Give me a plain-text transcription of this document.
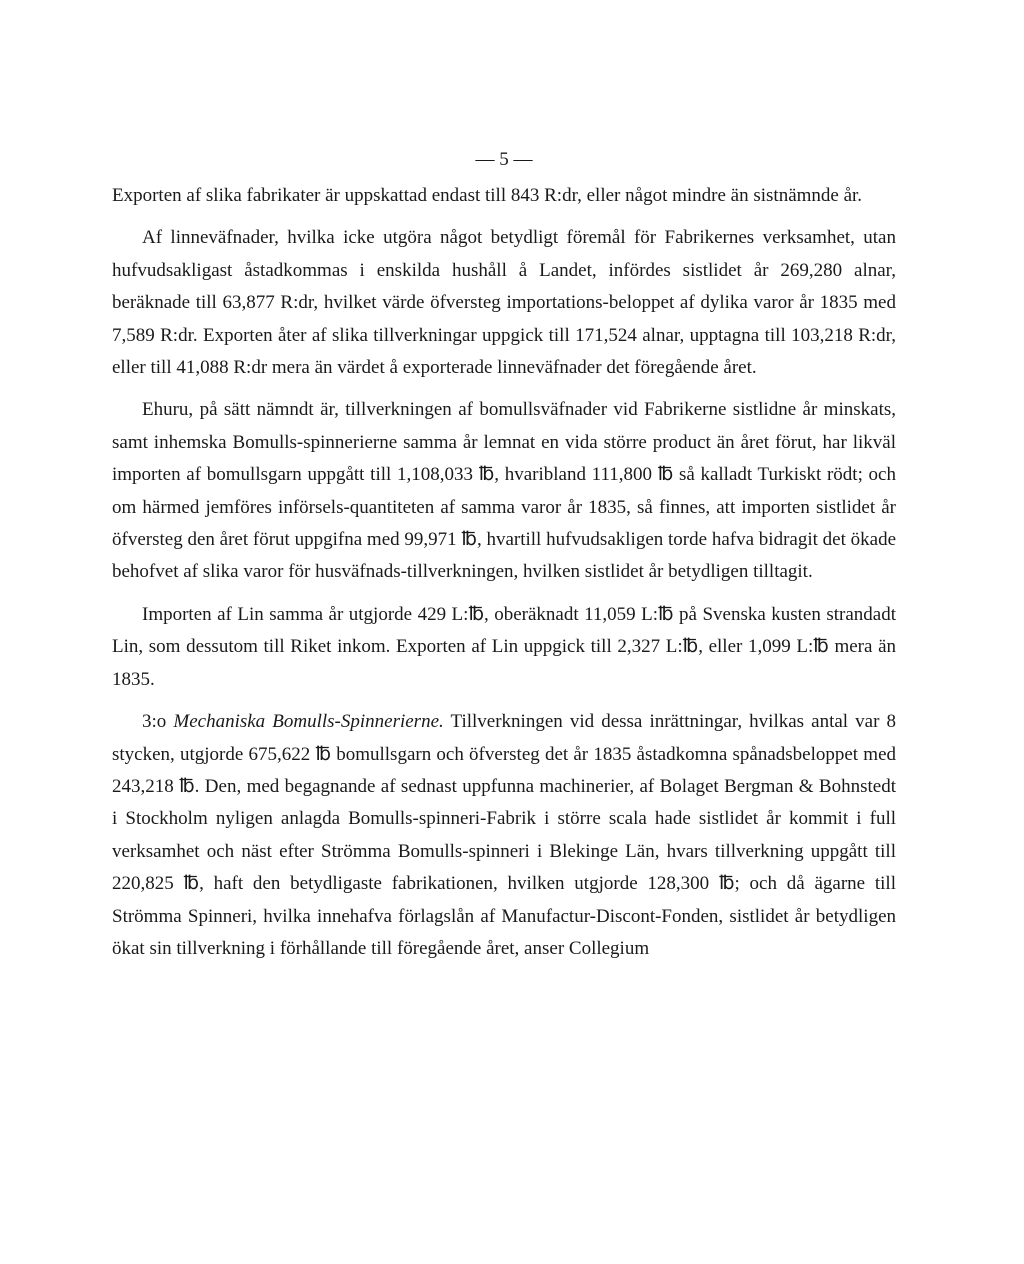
— 5 —

Exporten af slika fabrikater är uppskattad endast till 843 R:dr, eller något mindre än sistnämnde år.

Af linneväfnader, hvilka icke utgöra något betydligt föremål för Fabrikernes verksamhet, utan hufvudsakligast åstadkommas i enskilda hushåll å Landet, infördes sistlidet år 269,280 alnar, beräknade till 63,877 R:dr, hvilket värde öfversteg importations-beloppet af dylika varor år 1835 med 7,589 R:dr. Exporten åter af slika tillverkningar uppgick till 171,524 alnar, upptagna till 103,218 R:dr, eller till 41,088 R:dr mera än värdet å exporterade linneväfnader det föregående året.

Ehuru, på sätt nämndt är, tillverkningen af bomullsväfnader vid Fabrikerne sistlidne år minskats, samt inhemska Bomulls-spinnerierne samma år lemnat en vida större product än året förut, har likväl importen af bomullsgarn uppgått till 1,108,033 ℔, hvaribland 111,800 ℔ så kalladt Turkiskt rödt; och om härmed jemföres införsels-quantiteten af samma varor år 1835, så finnes, att importen sistlidet år öfversteg den året förut uppgifna med 99,971 ℔, hvartill hufvudsakligen torde hafva bidragit det ökade behofvet af slika varor för husväfnads-tillverkningen, hvilken sistlidet år betydligen tilltagit.

Importen af Lin samma år utgjorde 429 L:℔, oberäknadt 11,059 L:℔ på Svenska kusten strandadt Lin, som dessutom till Riket inkom. Exporten af Lin uppgick till 2,327 L:℔, eller 1,099 L:℔ mera än 1835.

3:o Mechaniska Bomulls-Spinnerierne. Tillverkningen vid dessa inrättningar, hvilkas antal var 8 stycken, utgjorde 675,622 ℔ bomullsgarn och öfversteg det år 1835 åstadkomna spånadsbeloppet med 243,218 ℔. Den, med begagnande af sednast uppfunna machinerier, af Bolaget Bergman & Bohnstedt i Stockholm nyligen anlagda Bomulls-spinneri-Fabrik i större scala hade sistlidet år kommit i full verksamhet och näst efter Strömma Bomulls-spinneri i Blekinge Län, hvars tillverkning uppgått till 220,825 ℔, haft den betydligaste fabrikationen, hvilken utgjorde 128,300 ℔; och då ägarne till Strömma Spinneri, hvilka innehafva förlagslån af Manufactur-Discont-Fonden, sistlidet år betydligen ökat sin tillverkning i förhållande till föregående året, anser Collegium
